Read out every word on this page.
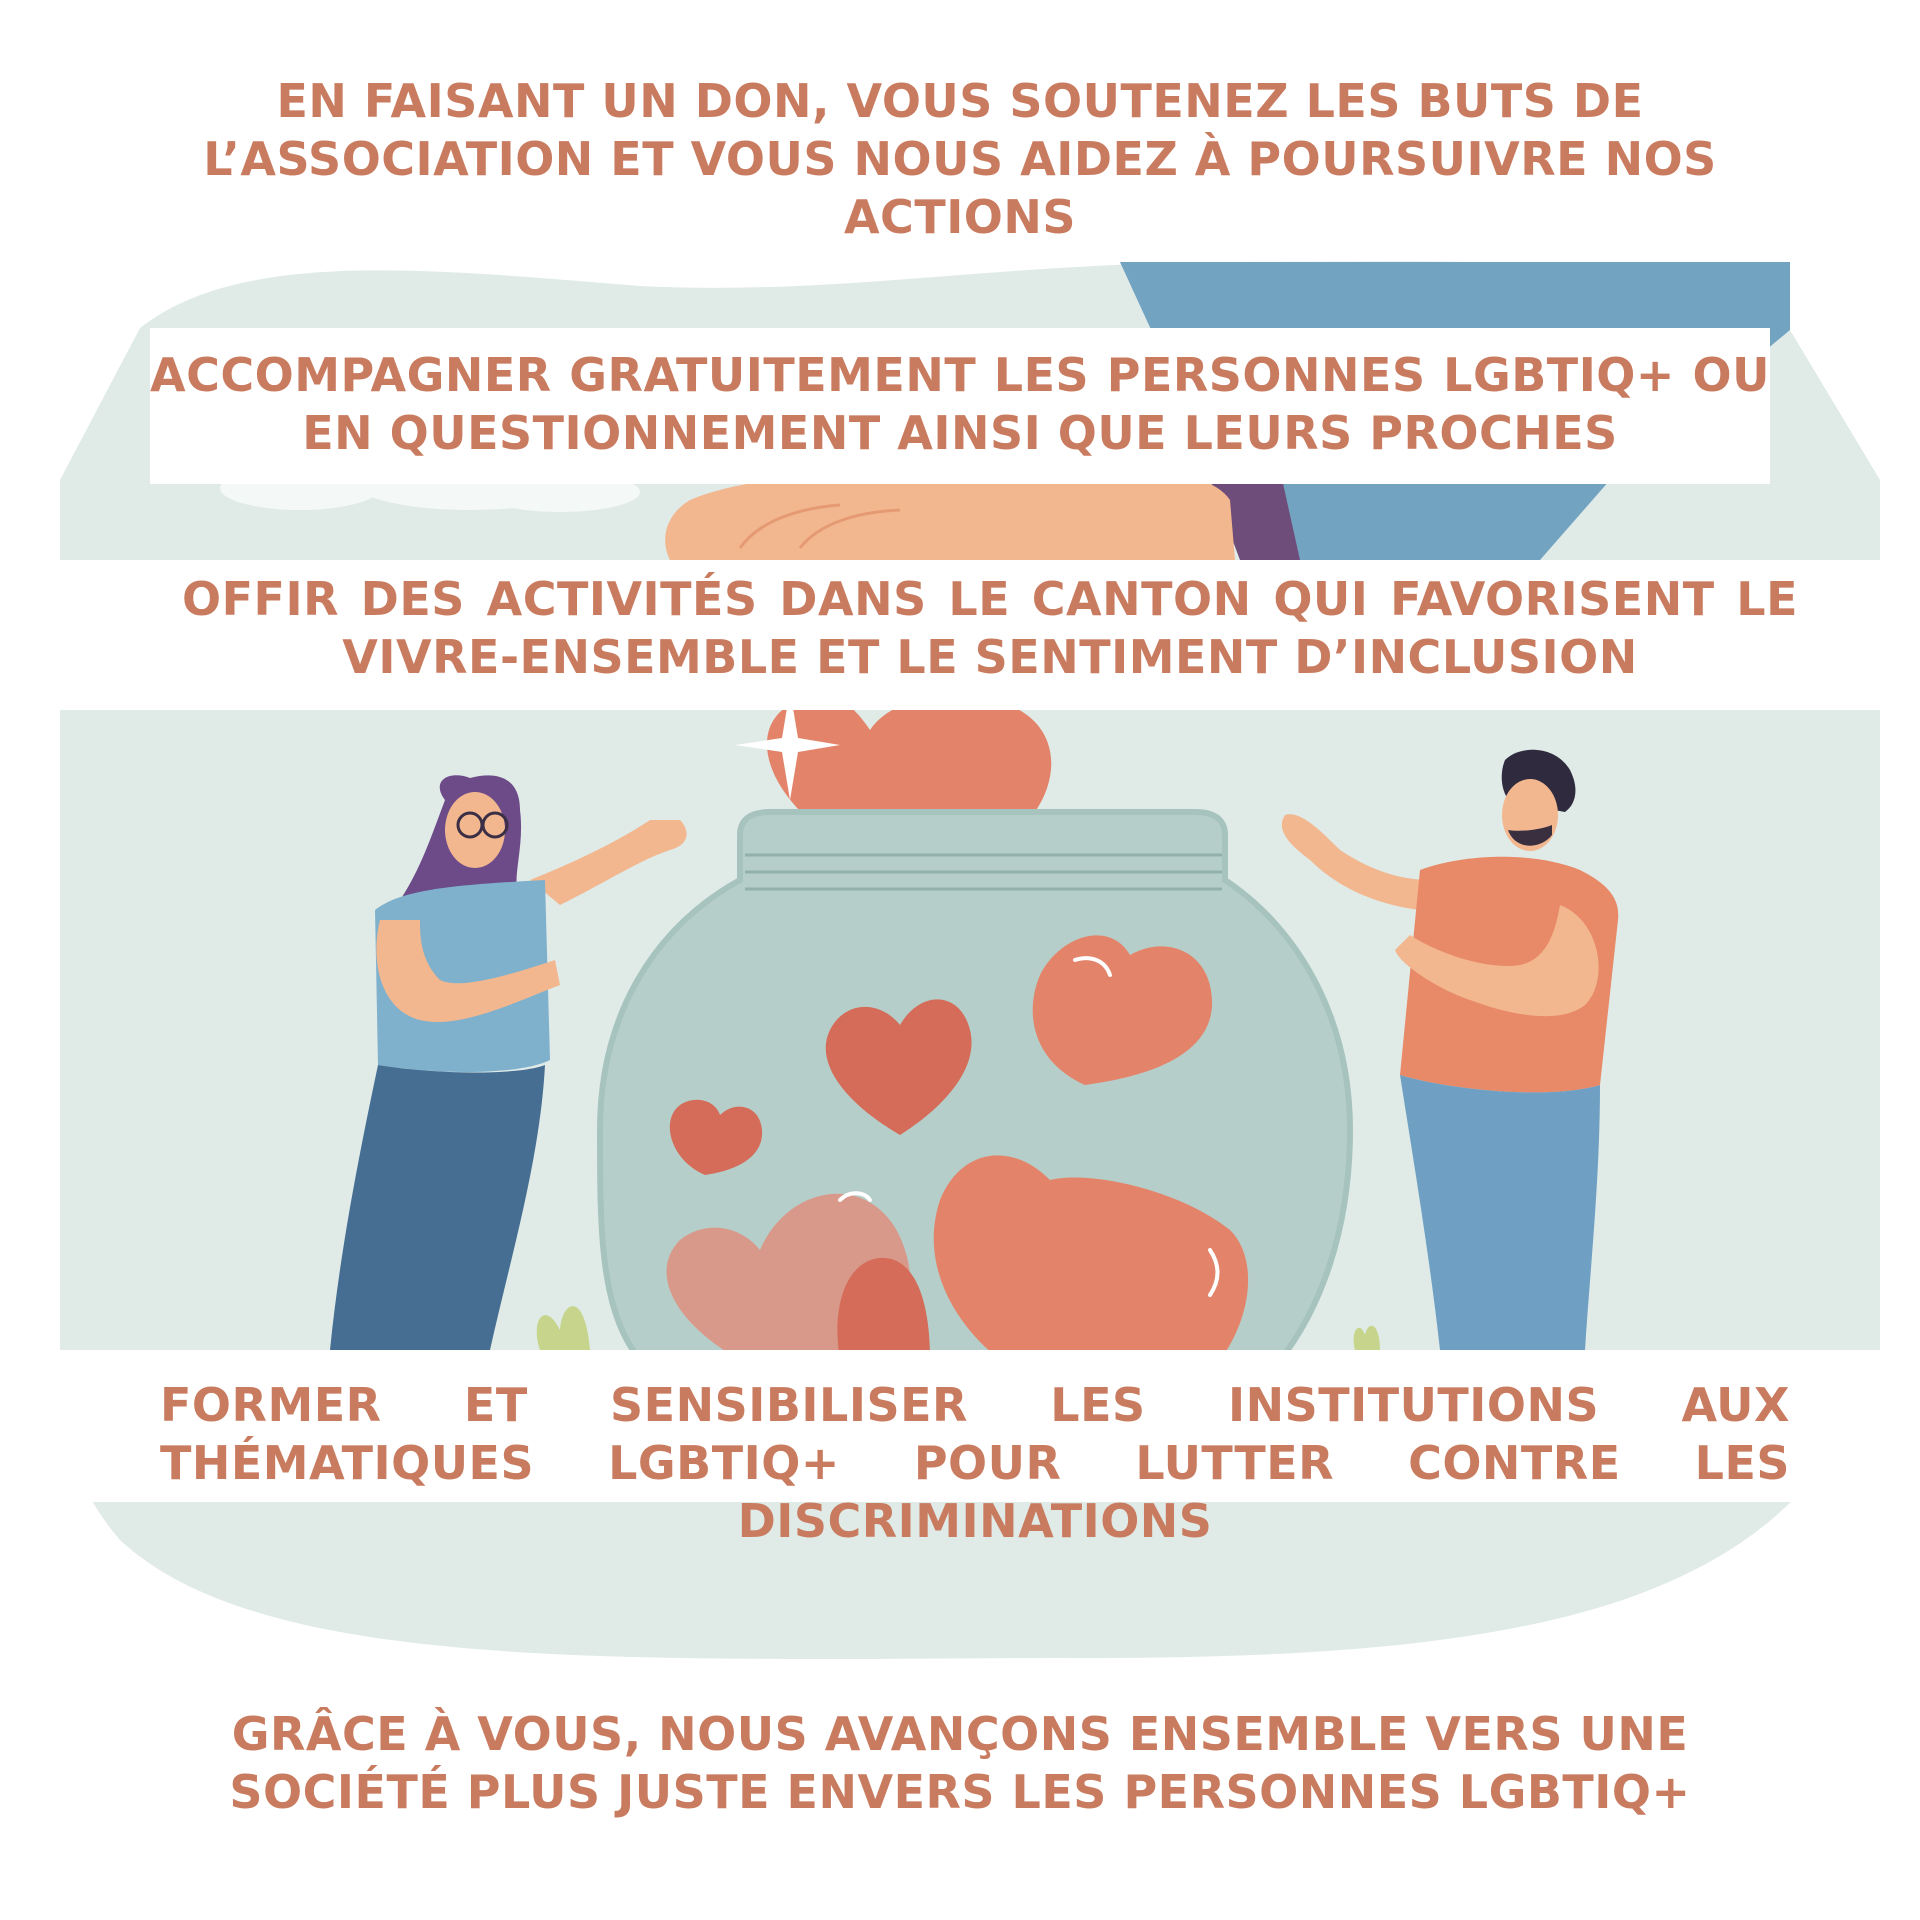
EN FAISANT UN DON, VOUS SOUTENEZ LES BUTS DE L’ASSOCIATION ET VOUS NOUS AIDEZ À POURSUIVRE NOS ACTIONS

ACCOMPAGNER GRATUITEMENT LES PERSONNES LGBTIQ+ OU EN QUESTIONNEMENT AINSI QUE LEURS PROCHES

OFFIR DES ACTIVITÉS DANS LE CANTON QUI FAVORISENT LE VIVRE-ENSEMBLE ET LE SENTIMENT D’INCLUSION

FORMER ET SENSIBILISER LES INSTITUTIONS AUX THÉMATIQUES LGBTIQ+ POUR LUTTER CONTRE LES DISCRIMINATIONS

GRÂCE À VOUS, NOUS AVANÇONS ENSEMBLE VERS UNE SOCIÉTÉ PLUS JUSTE ENVERS LES PERSONNES LGBTIQ+
